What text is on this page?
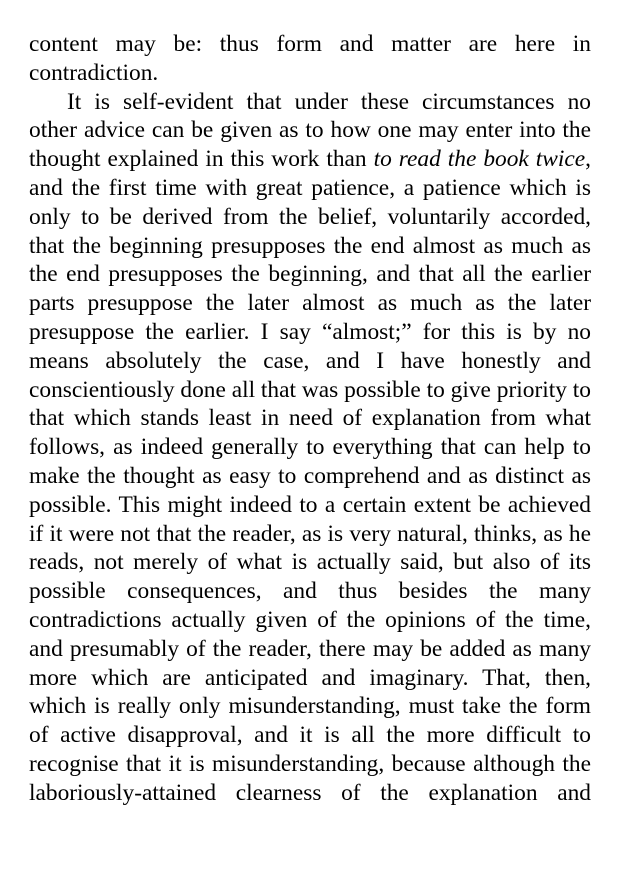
content may be: thus form and matter are here in contradiction.

It is self-evident that under these circumstances no other advice can be given as to how one may enter into the thought explained in this work than to read the book twice, and the first time with great patience, a patience which is only to be derived from the belief, voluntarily accorded, that the beginning presupposes the end almost as much as the end presupposes the beginning, and that all the earlier parts presuppose the later almost as much as the later presuppose the earlier. I say “almost;” for this is by no means absolutely the case, and I have honestly and conscientiously done all that was possible to give priority to that which stands least in need of explanation from what follows, as indeed generally to everything that can help to make the thought as easy to comprehend and as distinct as possible. This might indeed to a certain extent be achieved if it were not that the reader, as is very natural, thinks, as he reads, not merely of what is actually said, but also of its possible consequences, and thus besides the many contradictions actually given of the opinions of the time, and presumably of the reader, there may be added as many more which are anticipated and imaginary. That, then, which is really only misunderstanding, must take the form of active disapproval, and it is all the more difficult to recognise that it is misunderstanding, because although the laboriously-attained clearness of the explanation and
